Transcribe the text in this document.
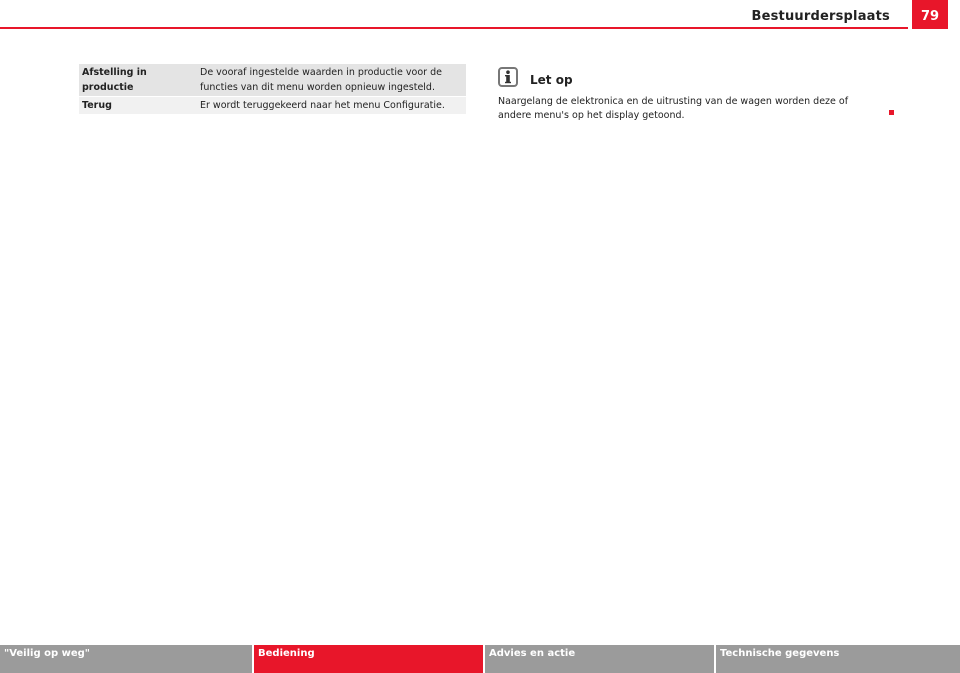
Bestuurdersplaats	79
Afstelling in productie	De vooraf ingestelde waarden in productie voor de functies van dit menu worden opnieuw ingesteld.
Terug	Er wordt teruggekeerd naar het menu Configuratie.
Let op
Naargelang de elektronica en de uitrusting van de wagen worden deze of andere menu's op het display getoond.
"Veilig op weg"	Bediening	Advies en actie	Technische gegevens
